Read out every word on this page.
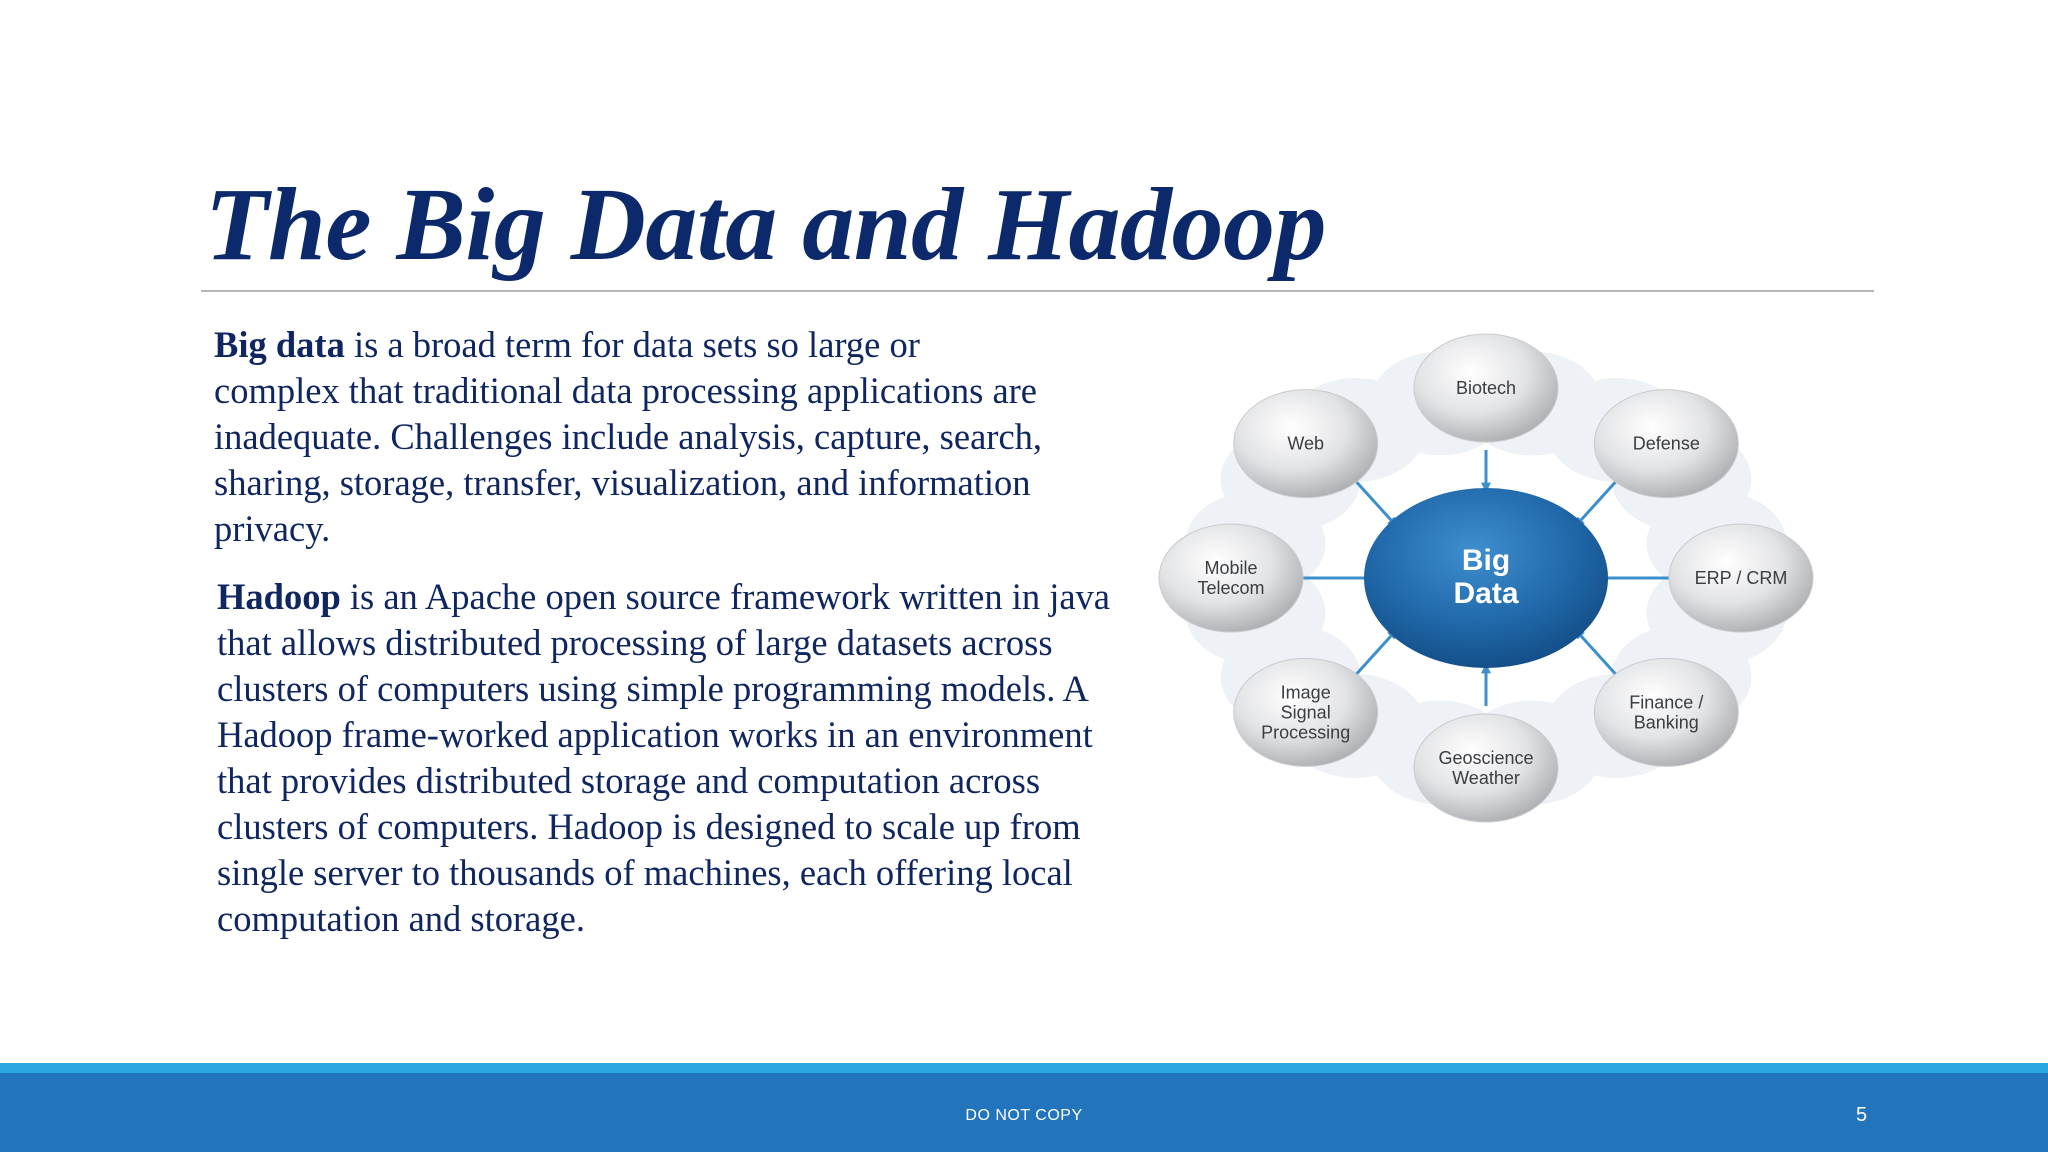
The Big Data and Hadoop

Big data is a broad term for data sets so large or complex that traditional data processing applications are inadequate. Challenges include analysis, capture, search, sharing, storage, transfer, visualization, and information privacy.

Hadoop is an Apache open source framework written in java that allows distributed processing of large datasets across clusters of computers using simple programming models. A Hadoop frame-worked application works in an environment that provides distributed storage and computation across clusters of computers. Hadoop is designed to scale up from single server to thousands of machines, each offering local computation and storage.

Biotech
Defense
ERP / CRM
Finance /
Banking
Geoscience
Weather
Image
Signal
Processing
Mobile
Telecom
Web
Big
Data
DO NOT COPY	5
